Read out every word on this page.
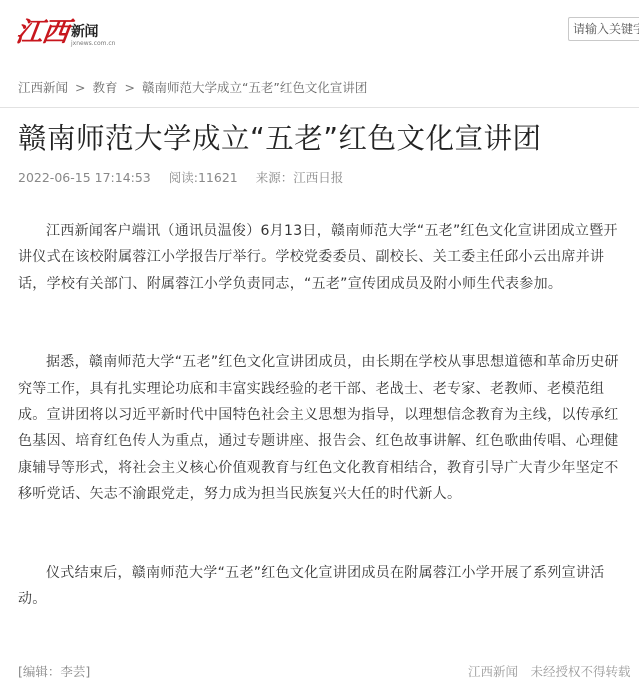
江西 新闻
jxnews.com.cn
请输入关键字
江西新闻 > 教育 > 赣南师范大学成立“五老”红色文化宣讲团
赣南师范大学成立“五老”红色文化宣讲团
2022-06-15 17:14:53 阅读:11621 来源：江西日报

江西新闻客户端讯（通讯员温俊）6月13日，赣南师范大学“五老”红色文化宣讲团成立暨开讲仪式在该校附属蓉江小学报告厅举行。学校党委委员、副校长、关工委主任邱小云出席并讲话，学校有关部门、附属蓉江小学负责同志，“五老”宣传团成员及附小师生代表参加。

据悉，赣南师范大学“五老”红色文化宣讲团成员，由长期在学校从事思想道德和革命历史研究等工作，具有扎实理论功底和丰富实践经验的老干部、老战士、老专家、老教师、老模范组成。宣讲团将以习近平新时代中国特色社会主义思想为指导，以理想信念教育为主线，以传承红色基因、培育红色传人为重点，通过专题讲座、报告会、红色故事讲解、红色歌曲传唱、心理健康辅导等形式，将社会主义核心价值观教育与红色文化教育相结合，教育引导广大青少年坚定不移听党话、矢志不渝跟党走，努力成为担当民族复兴大任的时代新人。

仪式结束后，赣南师范大学“五老”红色文化宣讲团成员在附属蓉江小学开展了系列宣讲活动。

[编辑：李芸]	江西新闻　未经授权不得转载
